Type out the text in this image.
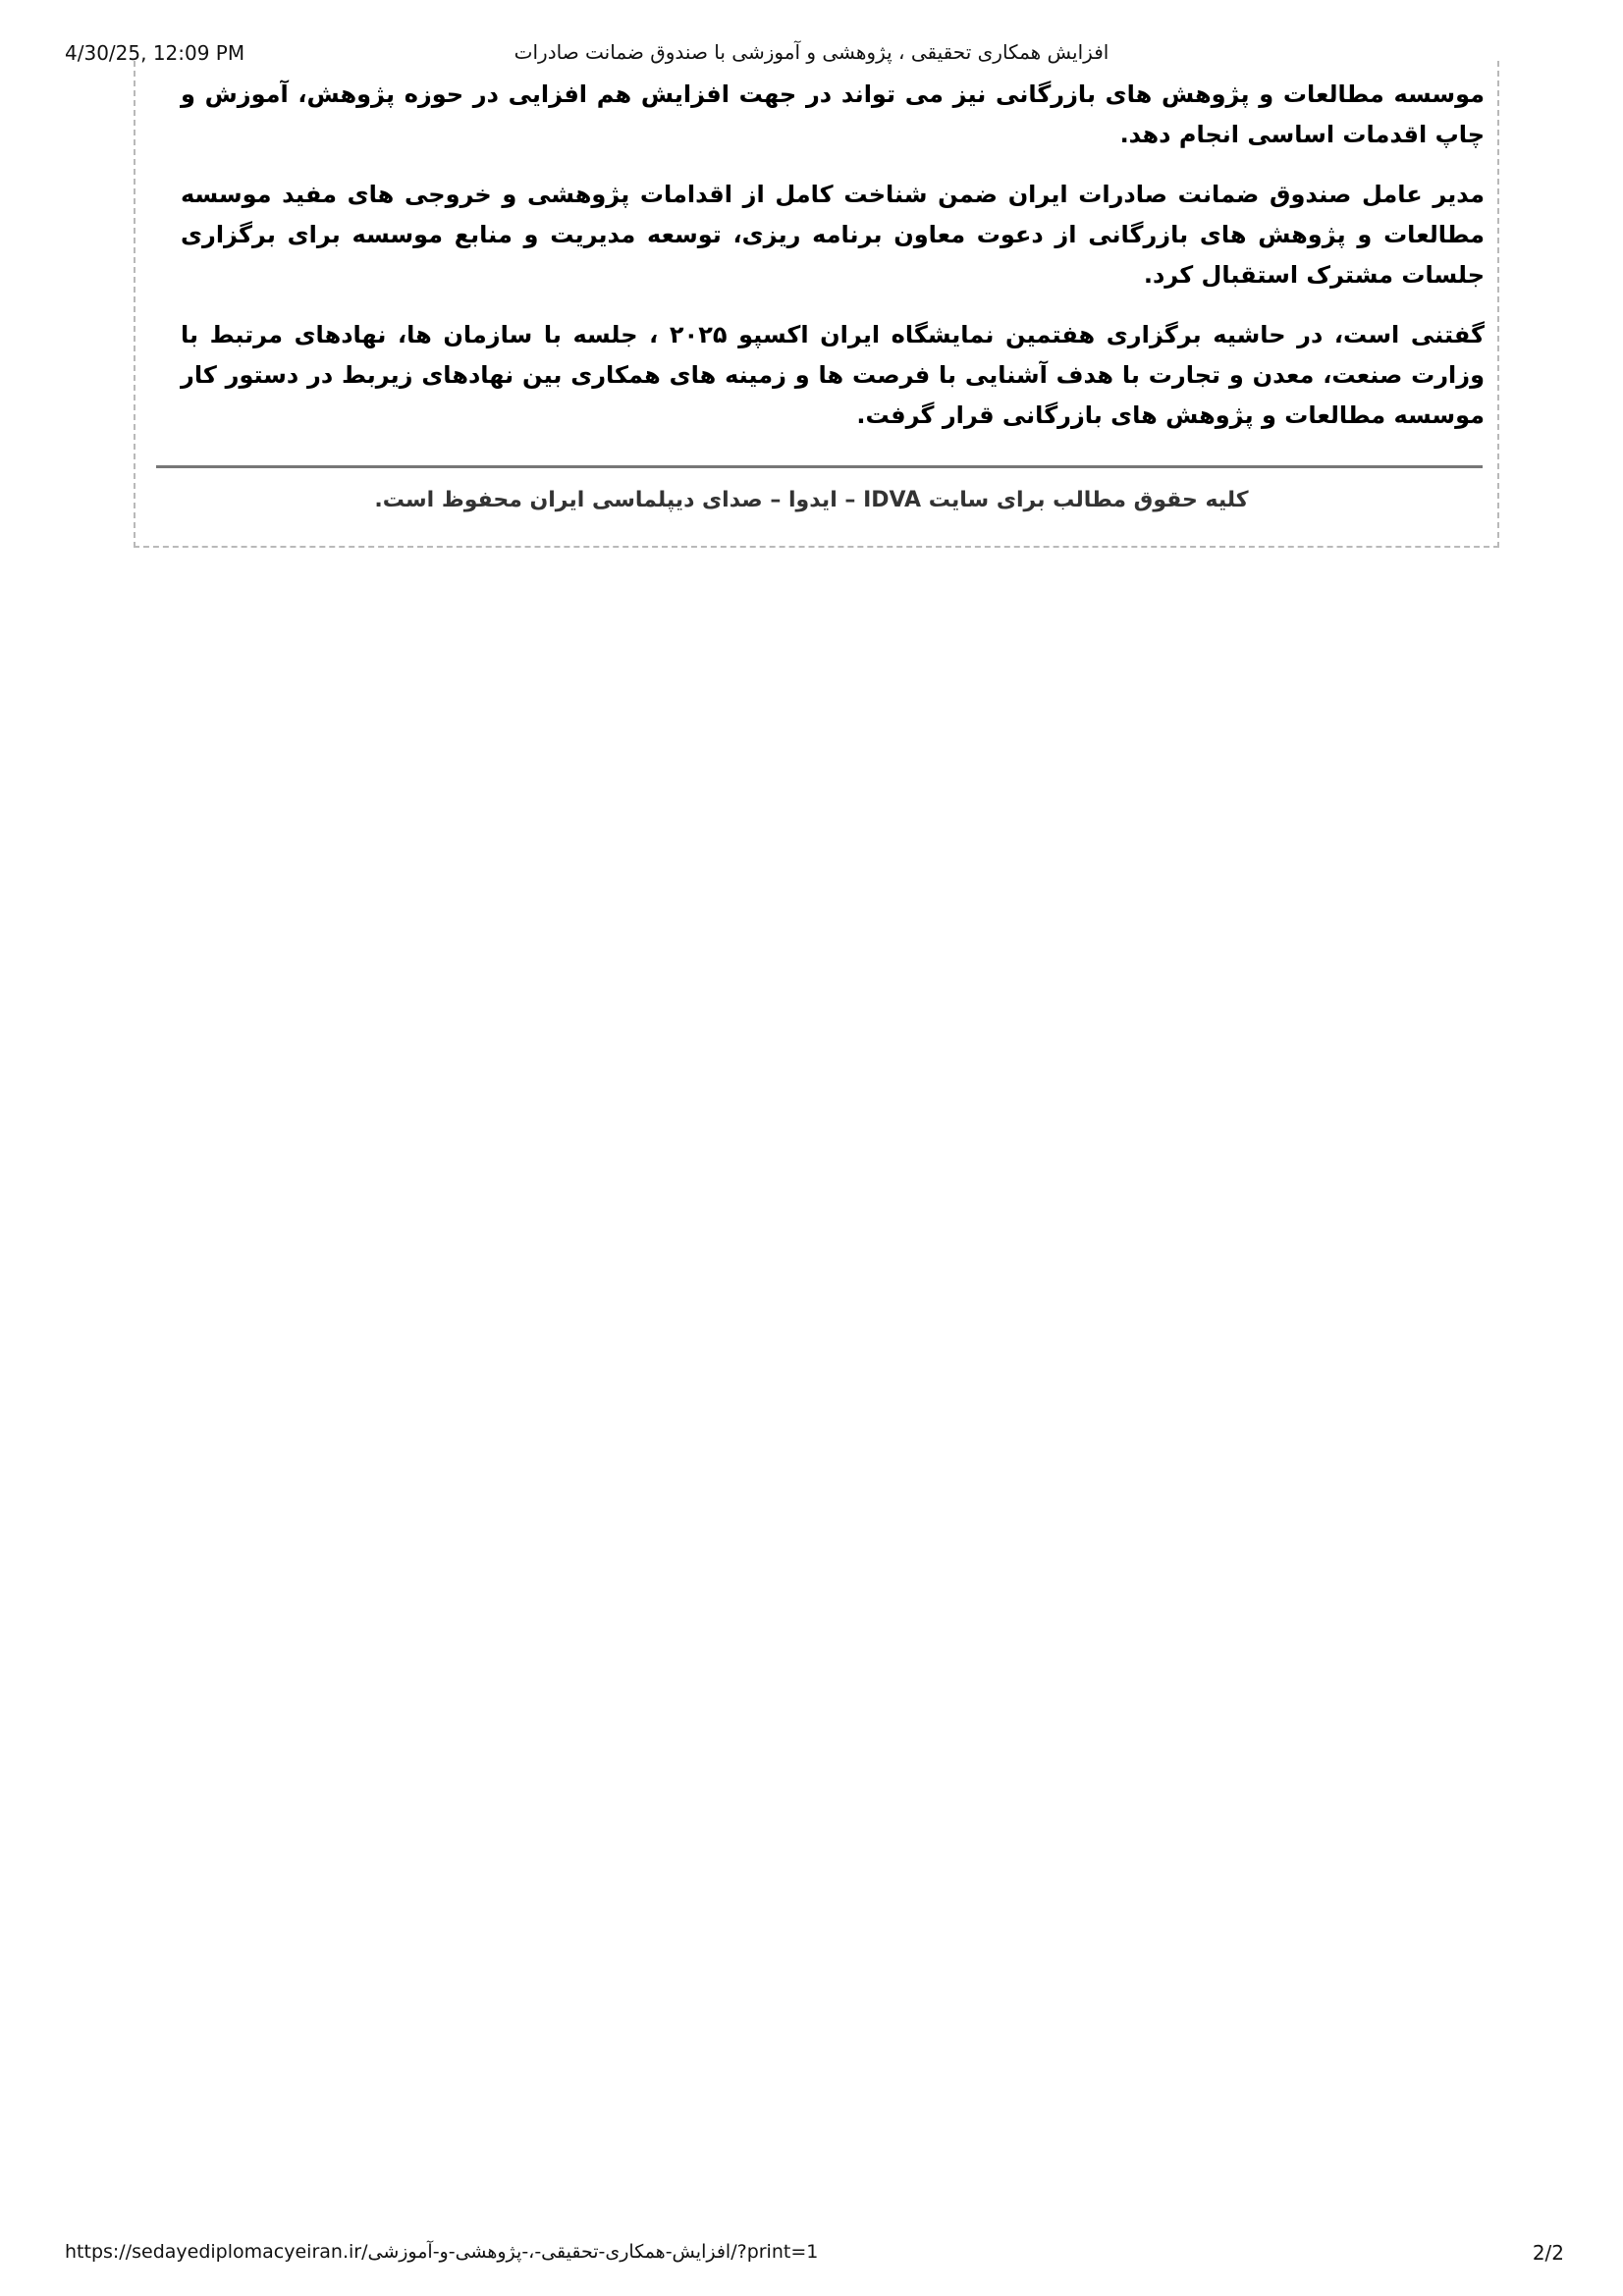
4/30/25, 12:09 PM	افزایش همکاری تحقیقی ، پژوهشی و آموزشی با صندوق ضمانت صادرات

موسسه مطالعات و پژوهش های بازرگانی نیز می تواند در جهت افزایش هم افزایی در حوزه پژوهش، آموزش و چاپ اقدمات اساسی انجام دهد.

مدیر عامل صندوق ضمانت صادرات ایران ضمن شناخت کامل از اقدامات پژوهشی و خروجی های مفید موسسه مطالعات و پژوهش های بازرگانی از دعوت معاون برنامه ریزی، توسعه مدیریت و منابع موسسه برای برگزاری جلسات مشترک استقبال کرد.

گفتنی است، در حاشیه برگزاری هفتمین نمایشگاه ایران اکسپو ۲۰۲۵ ، جلسه با سازمان ها، نهادهای مرتبط با وزارت صنعت، معدن و تجارت با هدف آشنایی با فرصت ها و زمینه های همکاری بین نهادهای زیربط در دستور کار موسسه مطالعات و پژوهش های بازرگانی قرار گرفت.

کلیه حقوق مطالب برای سایت IDVA – ایدوا – صدای دیپلماسی ایران محفوظ است.
https://sedayediplomacyeiran.ir/افزایش-همکاری-تحقیقی-،-پژوهشی-و-آموزشی/?print=1	2/2
